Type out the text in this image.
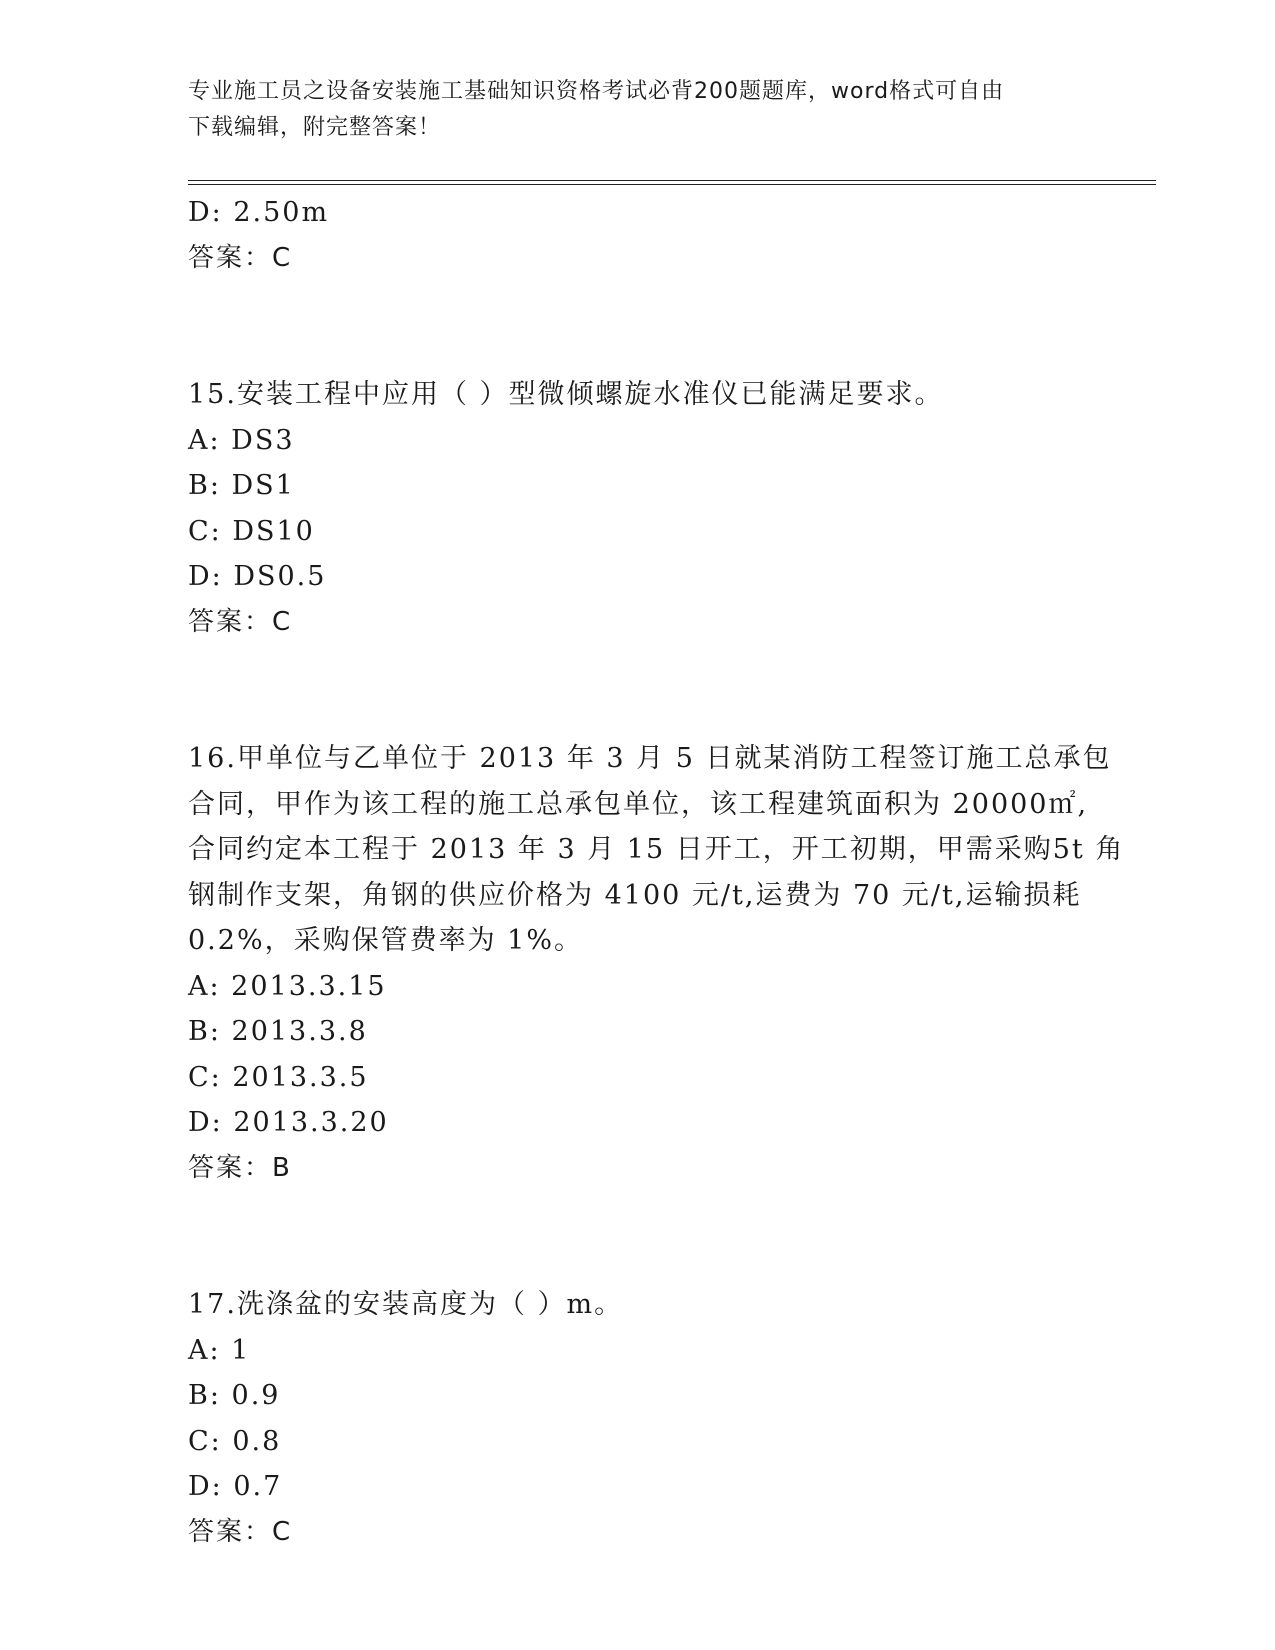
专业施工员之设备安装施工基础知识资格考试必背200题题库，word格式可自由
下载编辑，附完整答案！
D: 2.50m
答案：C
15.安装工程中应用（ ）型微倾螺旋水准仪已能满足要求。
A: DS3
B: DS1
C: DS10
D: DS0.5
答案：C
16.甲单位与乙单位于 2013 年 3 月 5 日就某消防工程签订施工总承包
合同，甲作为该工程的施工总承包单位，该工程建筑面积为 20000㎡,
合同约定本工程于 2013 年 3 月 15 日开工，开工初期，甲需采购5t 角
钢制作支架，角钢的供应价格为 4100 元/t,运费为 70 元/t,运输损耗
0.2%，采购保管费率为 1%。
A: 2013.3.15
B: 2013.3.8
C: 2013.3.5
D: 2013.3.20
答案：B
17.洗涤盆的安装高度为（ ）m。
A: 1
B: 0.9
C: 0.8
D: 0.7
答案：C
